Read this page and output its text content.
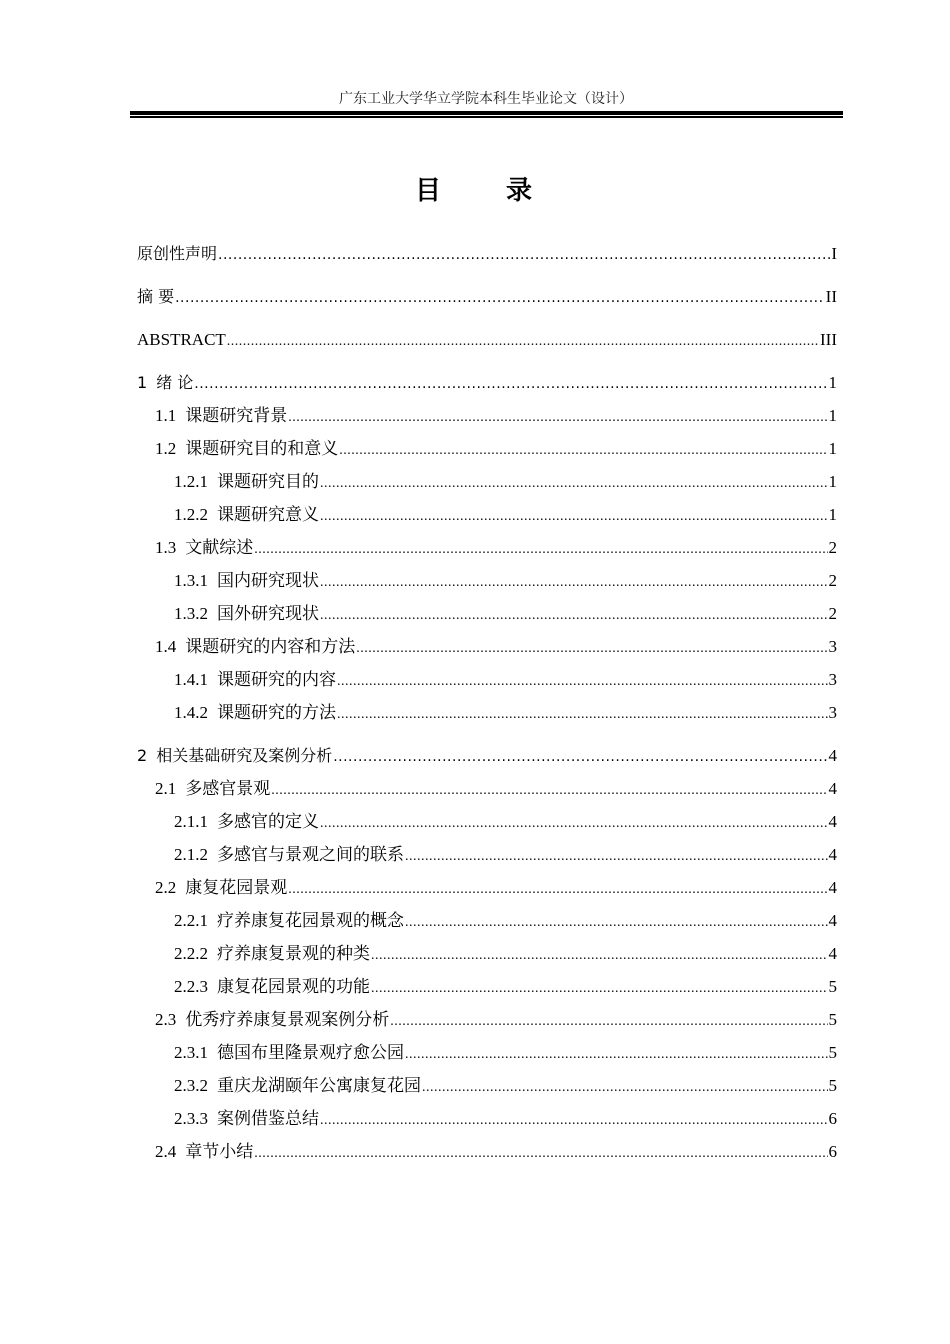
广东工业大学华立学院本科生毕业论文（设计）
目 录
原创性声明 .....	I
摘 要 .....	II
ABSTRACT .....	III
1 绪 论 .....	1
1.1 课题研究背景 .....	1
1.2 课题研究目的和意义 .....	1
1.2.1 课题研究目的 .....	1
1.2.2 课题研究意义 .....	1
1.3 文献综述 .....	2
1.3.1 国内研究现状 .....	2
1.3.2 国外研究现状 .....	2
1.4 课题研究的内容和方法 .....	3
1.4.1 课题研究的内容 .....	3
1.4.2 课题研究的方法 .....	3
2 相关基础研究及案例分析 .....	4
2.1 多感官景观 .....	4
2.1.1 多感官的定义 .....	4
2.1.2 多感官与景观之间的联系 .....	4
2.2 康复花园景观 .....	4
2.2.1 疗养康复花园景观的概念 .....	4
2.2.2 疗养康复景观的种类 .....	4
2.2.3 康复花园景观的功能 .....	5
2.3 优秀疗养康复景观案例分析 .....	5
2.3.1 德国布里隆景观疗愈公园 .....	5
2.3.2 重庆龙湖颐年公寓康复花园 .....	5
2.3.3 案例借鉴总结 .....	6
2.4 章节小结 .....	6
